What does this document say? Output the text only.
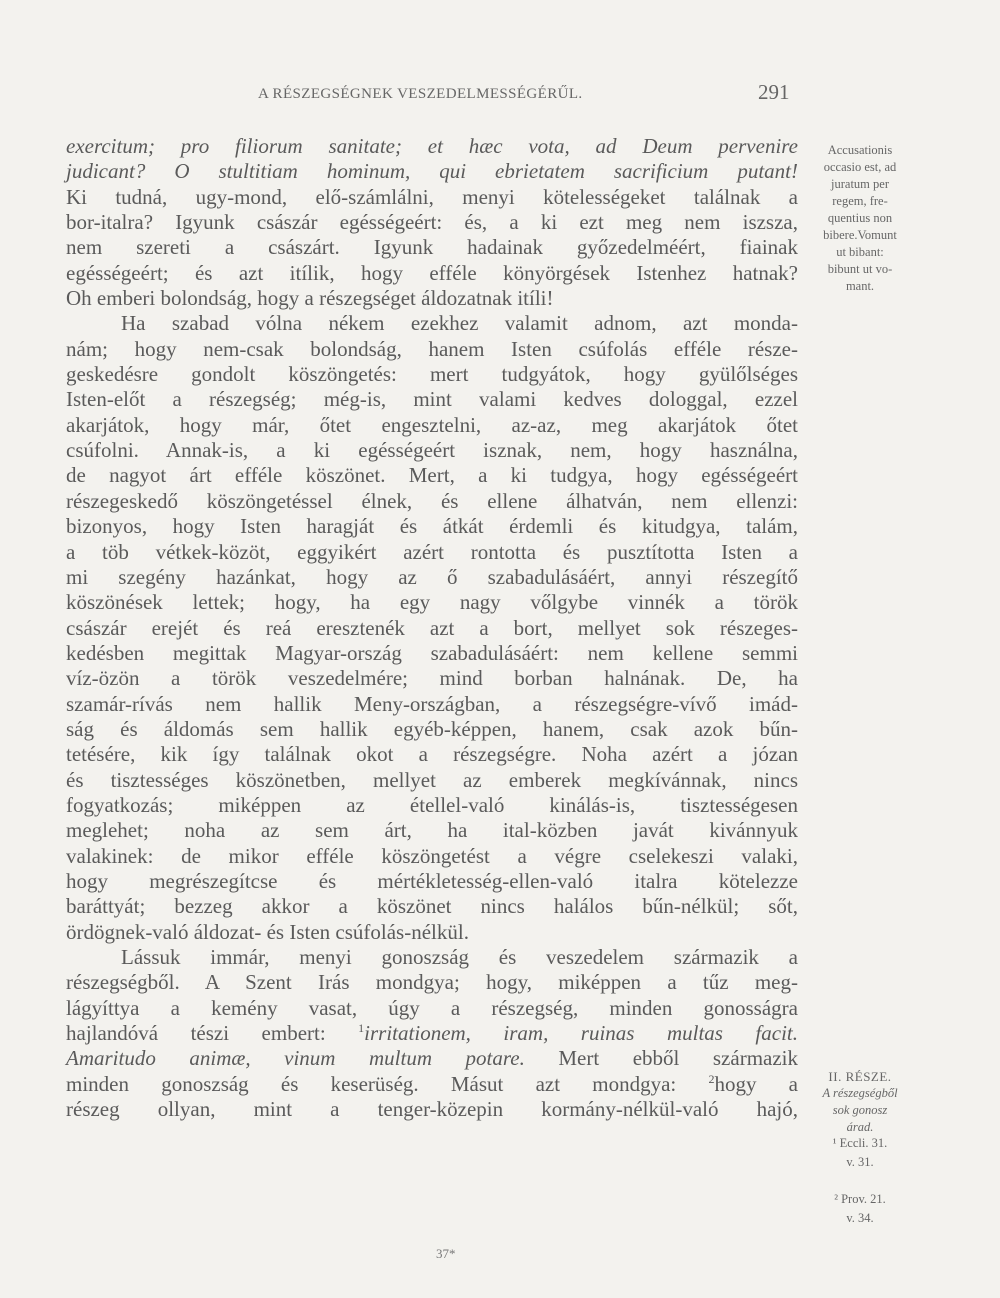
A RÉSZEGSÉGNEK VESZEDELMESSÉGÉRŰL.	291
exercitum; pro filiorum sanitate; et hæc vota, ad Deum pervenire
judicant? O stultitiam hominum, qui ebrietatem sacrificium putant!
Ki tudná, ugy-mond, elő-számlálni, menyi kötelességeket találnak a
bor-italra? Igyunk császár egésségeért: és, a ki ezt meg nem iszsza,
nem szereti a császárt. Igyunk hadainak győzedelméért, fiainak
egésségeért; és azt itílik, hogy efféle könyörgések Istenhez hatnak?
Oh emberi bolondság, hogy a részegséget áldozatnak itíli!
Ha szabad vólna nékem ezekhez valamit adnom, azt monda-
nám; hogy nem-csak bolondság, hanem Isten csúfolás efféle része-
geskedésre gondolt köszöngetés: mert tudgyátok, hogy gyülőlséges
Isten-előt a részegség; még-is, mint valami kedves dologgal, ezzel
akarjátok, hogy már, őtet engesztelni, az-az, meg akarjátok őtet
csúfolni. Annak-is, a ki egésségeért isznak, nem, hogy használna,
de nagyot árt efféle köszönet. Mert, a ki tudgya, hogy egésségeért
részegeskedő köszöngetéssel élnek, és ellene álhatván, nem ellenzi:
bizonyos, hogy Isten haragját és átkát érdemli és kitudgya, talám,
a töb vétkek-közöt, eggyikért azért rontotta és pusztította Isten a
mi szegény hazánkat, hogy az ő szabadulásáért, annyi részegítő
köszönések lettek; hogy, ha egy nagy vőlgybe vinnék a török
császár erejét és reá eresztenék azt a bort, mellyet sok részeges-
kedésben megittak Magyar-ország szabadulásáért: nem kellene semmi
víz-özön a török veszedelmére; mind borban halnának. De, ha
szamár-rívás nem hallik Meny-országban, a részegségre-vívő imád-
ság és áldomás sem hallik egyéb-képpen, hanem, csak azok bűn-
tetésére, kik így találnak okot a részegségre. Noha azért a józan
és tisztességes köszönetben, mellyet az emberek megkívánnak, nincs
fogyatkozás; miképpen az étellel-való kinálás-is, tisztességesen
meglehet; noha az sem árt, ha ital-közben javát kivánnyuk
valakinek: de mikor efféle köszöngetést a végre cselekeszi valaki,
hogy megrészegítcse és mértékletesség-ellen-való italra kötelezze
baráttyát; bezzeg akkor a köszönet nincs halálos bűn-nélkül; sőt,
ördögnek-való áldozat- és Isten csúfolás-nélkül.
Lássuk immár, menyi gonoszság és veszedelem származik a
részegségből. A Szent Irás mondgya; hogy, miképpen a tűz meg-
lágyíttya a kemény vasat, úgy a részegség, minden gonosságra
hajlandóvá tészi embert: $^1$irritationem, iram, ruinas multas facit.
Amaritudo animæ, vinum multum potare. Mert ebből származik
minden gonoszság és keserüség. Másut azt mondgya: $^2$hogy a
részeg ollyan, mint a tenger-közepin kormány-nélkül-való hajó,
Accusationis
occasio est, ad
juratum per
regem, fre-
quentius non
bibere.Vomunt
ut bibant:
bibunt ut vo-
mant.
II. RÉSZE.
A részegségből
sok gonosz
árad.
¹ Eccli. 31.
v. 31.
² Prov. 21.
v. 34.
37*
